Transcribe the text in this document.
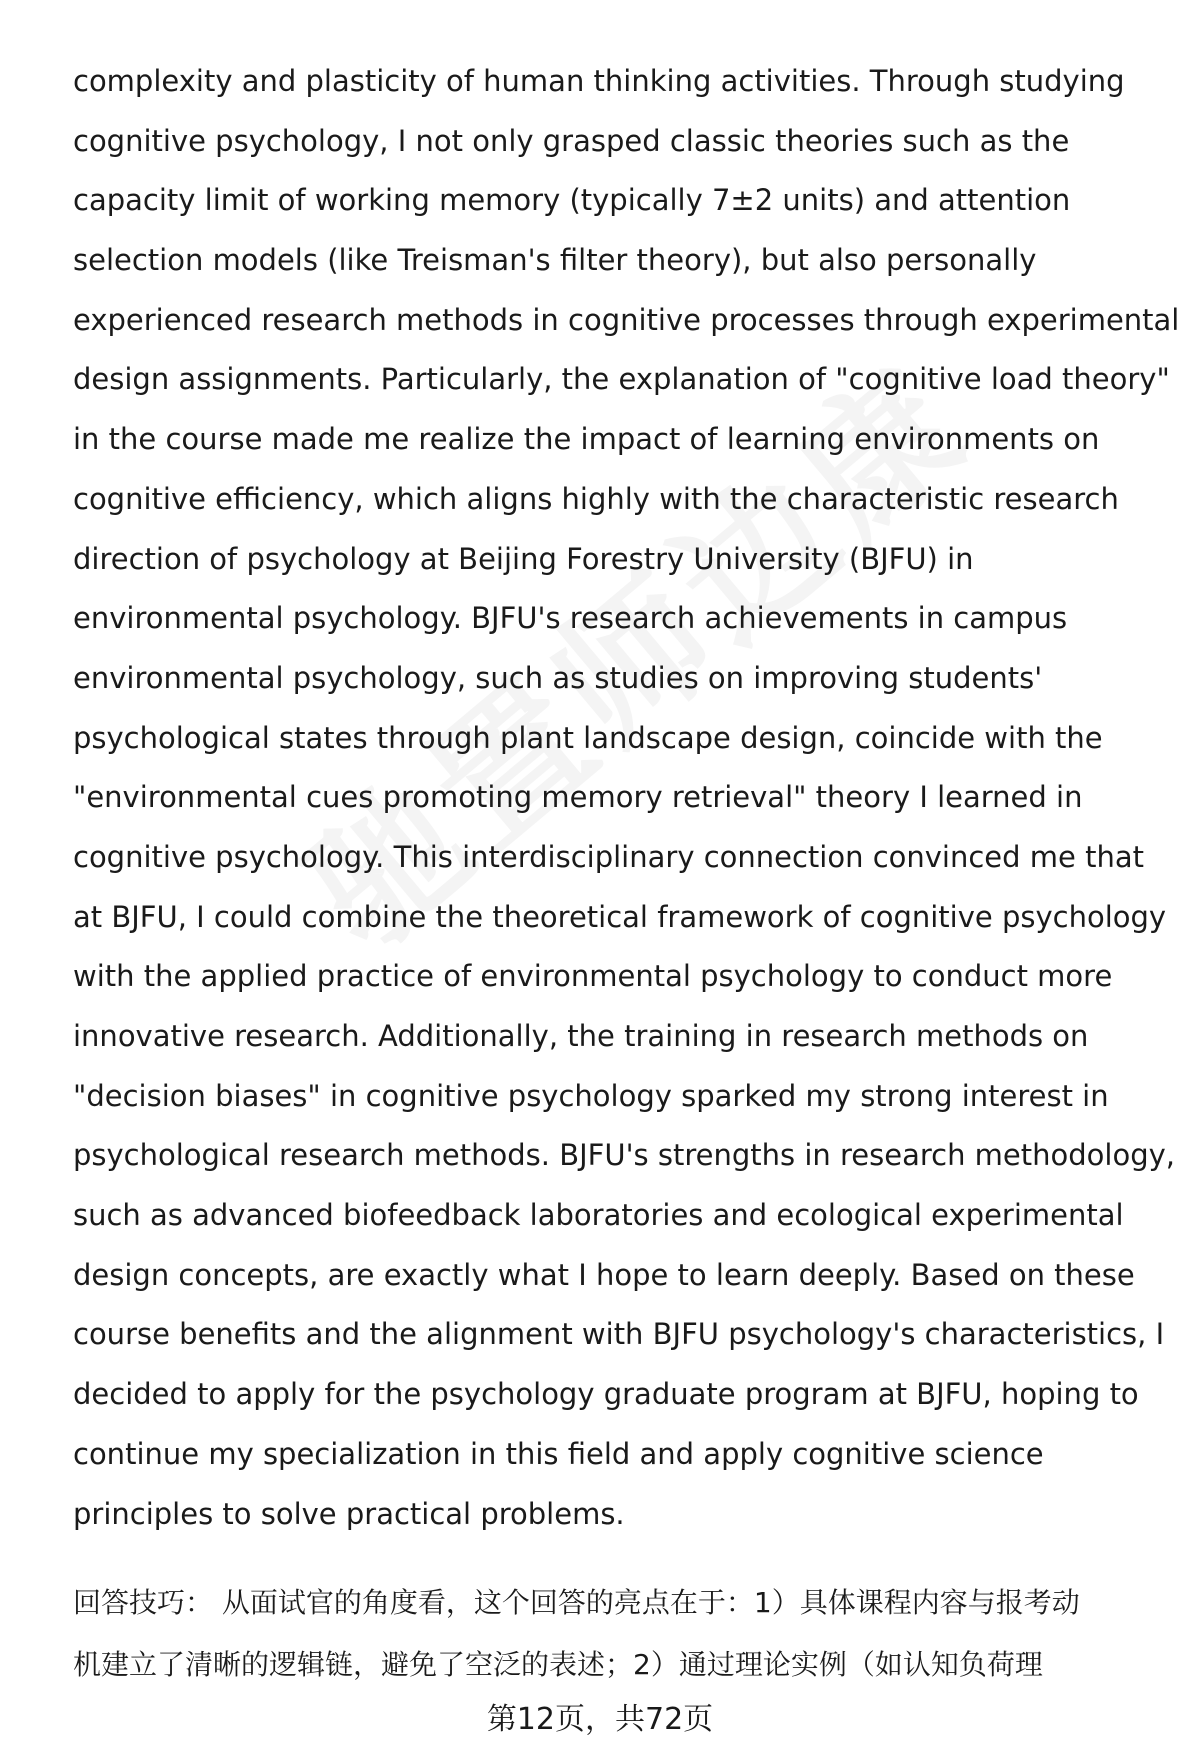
complexity and plasticity of human thinking activities. Through studying
cognitive psychology, I not only grasped classic theories such as the
capacity limit of working memory (typically 7±2 units) and attention
selection models (like Treisman's filter theory), but also personally
experienced research methods in cognitive processes through experimental
design assignments. Particularly, the explanation of "cognitive load theory"
in the course made me realize the impact of learning environments on
cognitive efficiency, which aligns highly with the characteristic research
direction of psychology at Beijing Forestry University (BJFU) in
environmental psychology. BJFU's research achievements in campus
environmental psychology, such as studies on improving students'
psychological states through plant landscape design, coincide with the
"environmental cues promoting memory retrieval" theory I learned in
cognitive psychology. This interdisciplinary connection convinced me that
at BJFU, I could combine the theoretical framework of cognitive psychology
with the applied practice of environmental psychology to conduct more
innovative research. Additionally, the training in research methods on
"decision biases" in cognitive psychology sparked my strong interest in
psychological research methods. BJFU's strengths in research methodology,
such as advanced biofeedback laboratories and ecological experimental
design concepts, are exactly what I hope to learn deeply. Based on these
course benefits and the alignment with BJFU psychology's characteristics, I
decided to apply for the psychology graduate program at BJFU, hoping to
continue my specialization in this field and apply cognitive science
principles to solve practical problems.
回答技巧： 从面试官的角度看，这个回答的亮点在于：1）具体课程内容与报考动
机建立了清晰的逻辑链，避免了空泛的表述；2）通过理论实例（如认知负荷理
第12页，共72页
